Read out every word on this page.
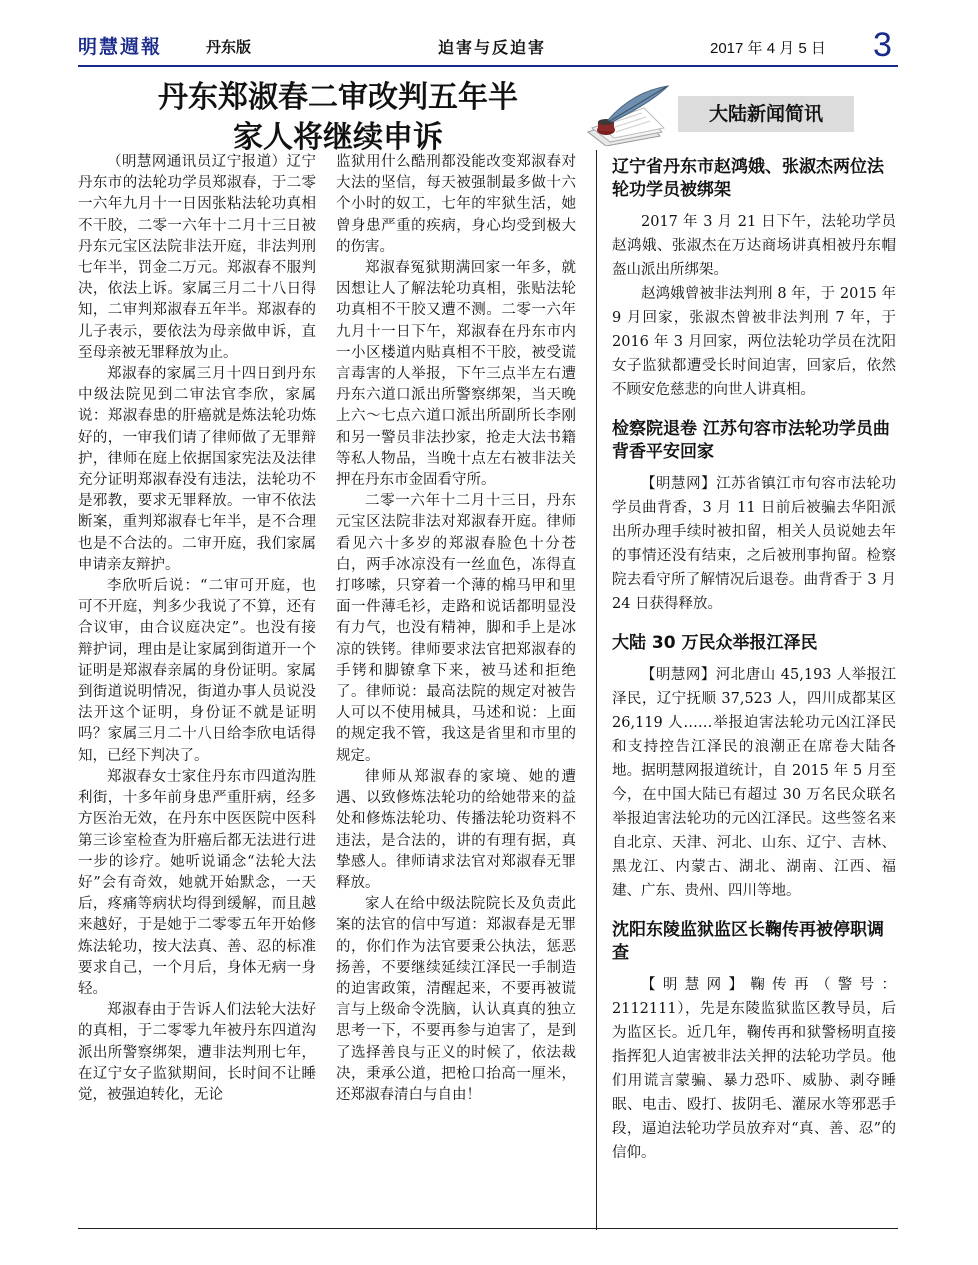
明慧週報	丹东版	迫害与反迫害	2017 年 4 月 5 日 3
丹东郑淑春二审改判五年半
家人将继续申诉
大陆新闻简讯

（明慧网通讯员辽宁报道）辽宁丹东市的法轮功学员郑淑春，于二零一六年九月十一日因张粘法轮功真相不干胶，二零一六年十二月十三日被丹东元宝区法院非法开庭，非法判刑七年半，罚金二万元。郑淑春不服判决，依法上诉。家属三月二十八日得知，二审判郑淑春五年半。郑淑春的儿子表示，要依法为母亲做申诉，直至母亲被无罪释放为止。

郑淑春的家属三月十四日到丹东中级法院见到二审法官李欣，家属说：郑淑春患的肝癌就是炼法轮功炼好的，一审我们请了律师做了无罪辩护，律师在庭上依据国家宪法及法律充分证明郑淑春没有违法，法轮功不是邪教，要求无罪释放。一审不依法断案，重判郑淑春七年半，是不合理也是不合法的。二审开庭，我们家属申请亲友辩护。

李欣听后说：“二审可开庭，也可不开庭，判多少我说了不算，还有合议审，由合议庭决定”。也没有接辩护词，理由是让家属到街道开一个证明是郑淑春亲属的身份证明。家属到街道说明情况，街道办事人员说没法开这个证明，身份证不就是证明吗？家属三月二十八日给李欣电话得知，已经下判决了。

郑淑春女士家住丹东市四道沟胜利街，十多年前身患严重肝病，经多方医治无效，在丹东中医医院中医科第三诊室检查为肝癌后都无法进行进一步的诊疗。她听说诵念“法轮大法好”会有奇效，她就开始默念，一天后，疼痛等病状均得到缓解，而且越来越好，于是她于二零零五年开始修炼法轮功，按大法真、善、忍的标准要求自己，一个月后，身体无病一身轻。

郑淑春由于告诉人们法轮大法好的真相，于二零零九年被丹东四道沟派出所警察绑架，遭非法判刑七年，在辽宁女子监狱期间，长时间不让睡觉，被强迫转化，无论

监狱用什么酷刑都没能改变郑淑春对大法的坚信，每天被强制最多做十六个小时的奴工，七年的牢狱生活，她曾身患严重的疾病，身心均受到极大的伤害。

郑淑春冤狱期满回家一年多，就因想让人了解法轮功真相，张贴法轮功真相不干胶又遭不测。二零一六年九月十一日下午，郑淑春在丹东市内一小区楼道内贴真相不干胶，被受谎言毒害的人举报，下午三点半左右遭丹东六道口派出所警察绑架，当天晚上六～七点六道口派出所副所长李刚和另一警员非法抄家，抢走大法书籍等私人物品，当晚十点左右被非法关押在丹东市金固看守所。

二零一六年十二月十三日，丹东元宝区法院非法对郑淑春开庭。律师看见六十多岁的郑淑春脸色十分苍白，两手冰凉没有一丝血色，冻得直打哆嗦，只穿着一个薄的棉马甲和里面一件薄毛衫，走路和说话都明显没有力气，也没有精神，脚和手上是冰凉的铁铐。律师要求法官把郑淑春的手铐和脚镣拿下来，被马述和拒绝了。律师说：最高法院的规定对被告人可以不使用械具，马述和说：上面的规定我不管，我这是省里和市里的规定。

律师从郑淑春的家境、她的遭遇、以致修炼法轮功的给她带来的益处和修炼法轮功、传播法轮功资料不违法，是合法的，讲的有理有据，真挚感人。律师请求法官对郑淑春无罪释放。

家人在给中级法院院长及负责此案的法官的信中写道：郑淑春是无罪的，你们作为法官要秉公执法，惩恶扬善，不要继续延续江泽民一手制造的迫害政策，清醒起来，不要再被谎言与上级命令洗脑，认认真真的独立思考一下，不要再参与迫害了，是到了选择善良与正义的时候了，依法裁决，秉承公道，把枪口抬高一厘米，还郑淑春清白与自由！

辽宁省丹东市赵鸿娥、张淑杰两位法轮功学员被绑架

2017 年 3 月 21 日下午，法轮功学员赵鸿娥、张淑杰在万达商场讲真相被丹东帽盔山派出所绑架。

赵鸿娥曾被非法判刑 8 年，于 2015 年 9 月回家，张淑杰曾被非法判刑 7 年，于 2016 年 3 月回家，两位法轮功学员在沈阳女子监狱都遭受长时间迫害，回家后，依然不顾安危慈悲的向世人讲真相。

检察院退卷 江苏句容市法轮功学员曲背香平安回家

【明慧网】江苏省镇江市句容市法轮功学员曲背香，3 月 11 日前后被骗去华阳派出所办理手续时被扣留，相关人员说她去年的事情还没有结束，之后被刑事拘留。检察院去看守所了解情况后退卷。曲背香于 3 月 24 日获得释放。

大陆 30 万民众举报江泽民

【明慧网】河北唐山 45,193 人举报江泽民，辽宁抚顺 37,523 人，四川成都某区 26,119 人……举报迫害法轮功元凶江泽民和支持控告江泽民的浪潮正在席卷大陆各地。据明慧网报道统计，自 2015 年 5 月至今，在中国大陆已有超过 30 万名民众联名举报迫害法轮功的元凶江泽民。这些签名来自北京、天津、河北、山东、辽宁、吉林、黑龙江、内蒙古、湖北、湖南、江西、福建、广东、贵州、四川等地。

沈阳东陵监狱监区长鞠传再被停职调查

【明慧网】鞠传再（警号：2112111），先是东陵监狱监区教导员，后为监区长。近几年，鞠传再和狱警杨明直接指挥犯人迫害被非法关押的法轮功学员。他们用谎言蒙骗、暴力恐吓、威胁、剥夺睡眠、电击、殴打、拔阴毛、灌尿水等邪恶手段，逼迫法轮功学员放弃对“真、善、忍”的信仰。
